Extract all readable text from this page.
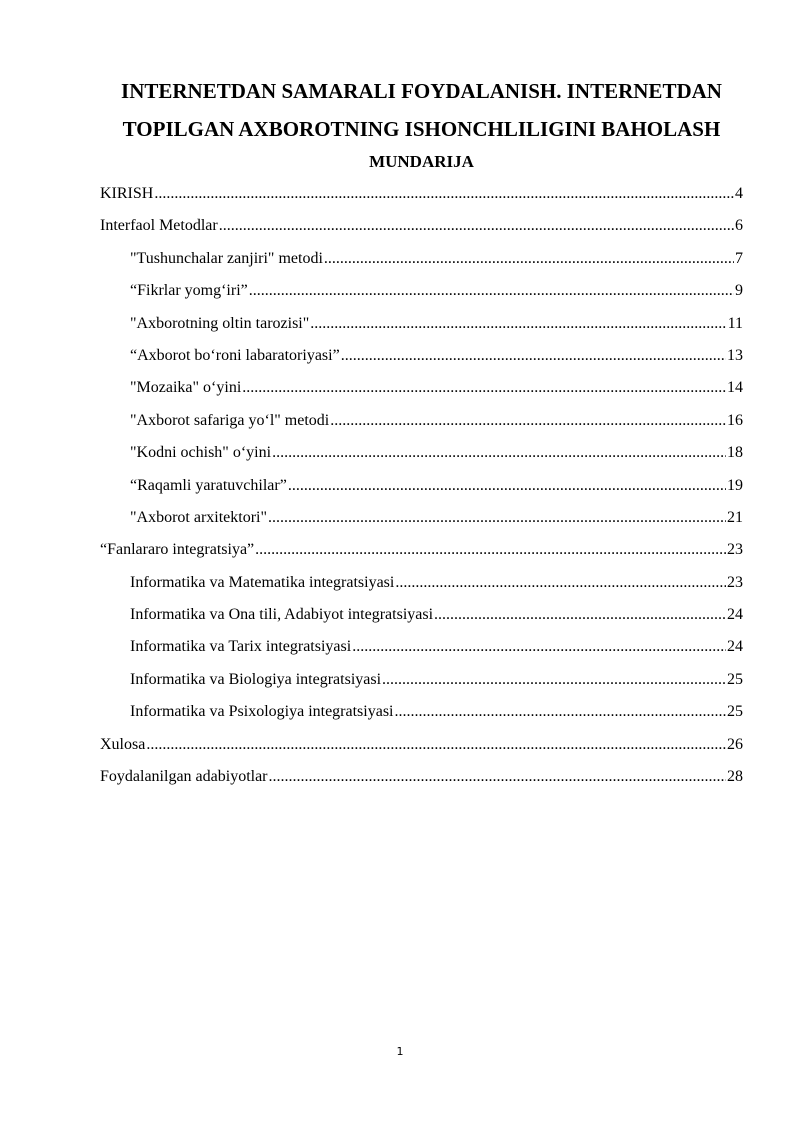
INTERNETDAN SAMARALI FOYDALANISH. INTERNETDAN
TOPILGAN AXBOROTNING ISHONCHLILIGINI BAHOLASH
MUNDARIJA
KIRISH .....	4
Interfaol Metodlar .....	6
"Tushunchalar zanjiri" metodi .....	7
“Fikrlar yomg‘iri” .....	9
"Axborotning oltin tarozisi" .....	11
“Axborot bo‘roni labaratoriyasi” .....	13
"Mozaika" o‘yini .....	14
"Axborot safariga yo‘l" metodi .....	16
"Kodni ochish" o‘yini .....	18
“Raqamli yaratuvchilar” .....	19
"Axborot arxitektori" .....	21
“Fanlararo integratsiya” .....	23
Informatika va Matematika integratsiyasi .....	23
Informatika va Ona tili, Adabiyot integratsiyasi .....	24
Informatika va Tarix integratsiyasi .....	24
Informatika va Biologiya integratsiyasi .....	25
Informatika va Psixologiya integratsiyasi .....	25
Xulosa .....	26
Foydalanilgan adabiyotlar .....	28
1
